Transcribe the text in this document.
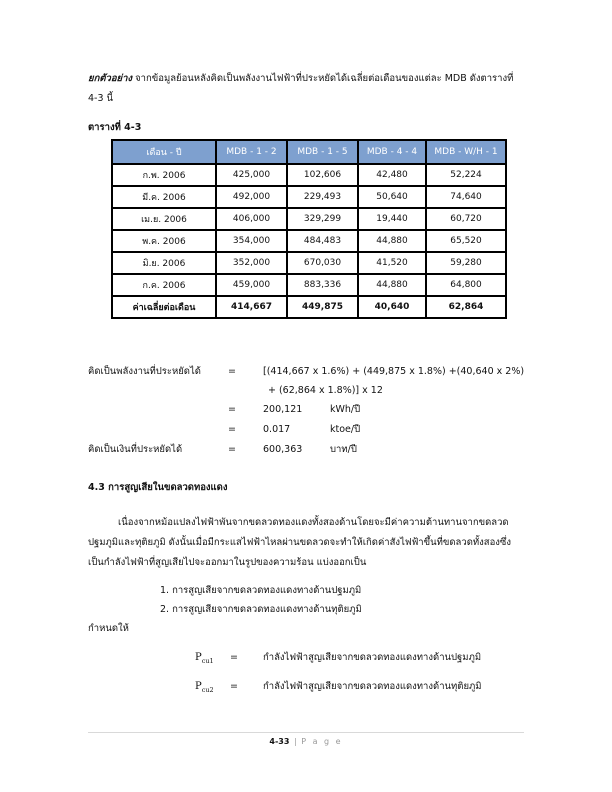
ยกตัวอย่าง จากข้อมูลย้อนหลังคิดเป็นพลังงานไฟฟ้าที่ประหยัดได้เฉลี่ยต่อเดือนของแต่ละ MDB ดังตารางที่
4-3 นี้
ตารางที่ 4-3
เดือน - ปี	MDB - 1 - 2	MDB - 1 - 5	MDB - 4 - 4	MDB - W/H - 1
ก.พ. 2006	425,000	102,606	42,480	52,224
มี.ค. 2006	492,000	229,493	50,640	74,640
เม.ย. 2006	406,000	329,299	19,440	60,720
พ.ค. 2006	354,000	484,483	44,880	65,520
มิ.ย. 2006	352,000	670,030	41,520	59,280
ก.ค. 2006	459,000	883,336	44,880	64,800
ค่าเฉลี่ยต่อเดือน	414,667	449,875	40,640	62,864
คิดเป็นพลังงานที่ประหยัดได้	=	[(414,667 x 1.6%) + (449,875 x 1.8%) +(40,640 x 2%)
+ (62,864 x 1.8%)] x 12
=	200,121	kWh/ปี
=	0.017	ktoe/ปี
คิดเป็นเงินที่ประหยัดได้	=	600,363	บาท/ปี
4.3 การสูญเสียในขดลวดทองแดง
เนื่องจากหม้อแปลงไฟฟ้าพันจากขดลวดทองแดงทั้งสองด้านโดยจะมีค่าความต้านทานจากขดลวด
ปฐมภูมิและทุติยภูมิ ดังนั้นเมื่อมีกระแสไฟฟ้าไหลผ่านขดลวดจะทำให้เกิดค่าสังไฟฟ้าขึ้นที่ขดลวดทั้งสองซึ่ง
เป็นกำลังไฟฟ้าที่สูญเสียไปจะออกมาในรูปของความร้อน แบ่งออกเป็น
1. การสูญเสียจากขดลวดทองแดงทางด้านปฐมภูมิ
2. การสูญเสียจากขดลวดทองแดงทางด้านทุติยภูมิ
กำหนดให้
$P_{cu1}$ =	กำลังไฟฟ้าสูญเสียจากขดลวดทองแดงทางด้านปฐมภูมิ
$P_{cu2}$ =	กำลังไฟฟ้าสูญเสียจากขดลวดทองแดงทางด้านทุติยภูมิ
4-33 | P a g e
